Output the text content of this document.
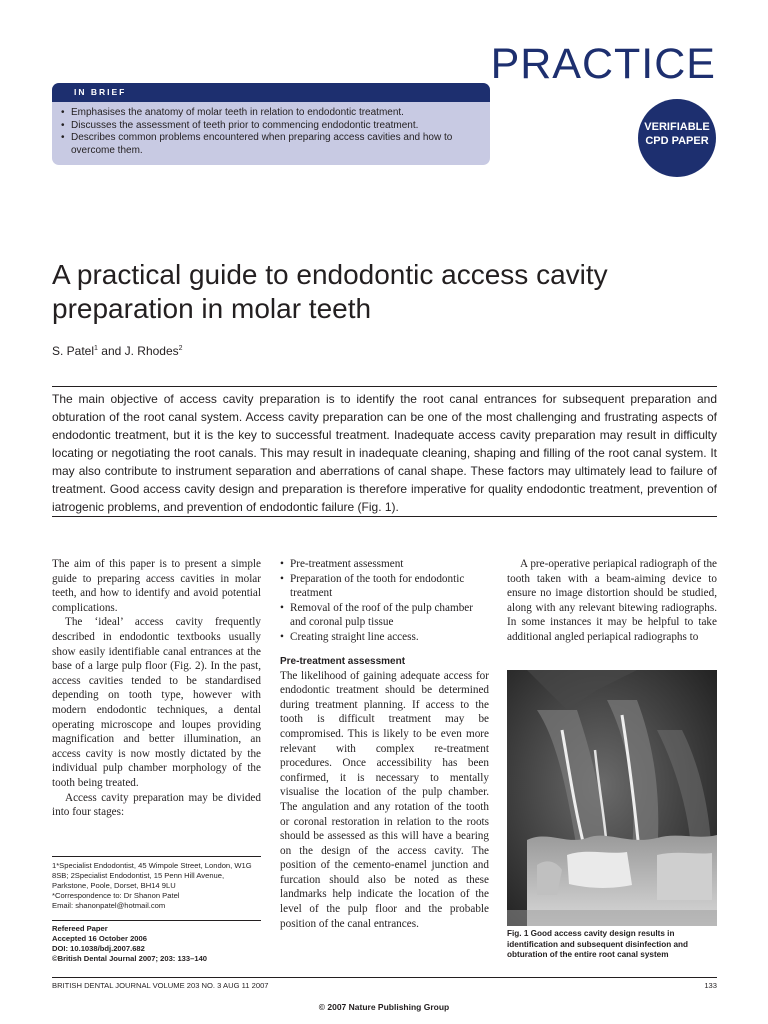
PRACTICE
IN BRIEF
• Emphasises the anatomy of molar teeth in relation to endodontic treatment.
• Discusses the assessment of teeth prior to commencing endodontic treatment.
• Describes common problems encountered when preparing access cavities and how to overcome them.
VERIFIABLE
CPD PAPER
A practical guide to endodontic access cavity preparation in molar teeth
S. Patel$^1$ and J. Rhodes$^2$
The main objective of access cavity preparation is to identify the root canal entrances for subsequent preparation and obturation of the root canal system. Access cavity preparation can be one of the most challenging and frustrating aspects of endodontic treatment, but it is the key to successful treatment. Inadequate access cavity preparation may result in difficulty locating or negotiating the root canals. This may result in inadequate cleaning, shaping and filling of the root canal system. It may also contribute to instrument separation and aberrations of canal shape. These factors may ultimately lead to failure of treatment. Good access cavity design and preparation is therefore imperative for quality endodontic treatment, prevention of iatrogenic problems, and prevention of endodontic failure (Fig. 1).

The aim of this paper is to present a simple guide to preparing access cavities in molar teeth, and how to identify and avoid potential complications.

The ‘ideal’ access cavity frequently described in endodontic textbooks usually show easily identifiable canal entrances at the base of a large pulp floor (Fig. 2). In the past, access cavities tended to be standardised depending on tooth type, however with modern endodontic techniques, a dental operating microscope and loupes providing magnification and better illumination, an access cavity is now mostly dictated by the individual pulp chamber morphology of the tooth being treated.

Access cavity preparation may be divided into four stages:

• Pre-treatment assessment
• Preparation of the tooth for endodontic treatment
• Removal of the roof of the pulp chamber and coronal pulp tissue
• Creating straight line access.

Pre-treatment assessment

The likelihood of gaining adequate access for endodontic treatment should be determined during treatment planning. If access to the tooth is difficult treatment may be compromised. This is likely to be even more relevant with complex re-treatment procedures. Once accessibility has been confirmed, it is necessary to mentally visualise the location of the pulp chamber. The angulation and any rotation of the tooth or coronal restoration in relation to the roots should be assessed as this will have a bearing on the design of the access cavity. The position of the cemento-enamel junction and furcation should also be noted as these landmarks help indicate the location of the level of the pulp floor and the probable position of the canal entrances.

A pre-operative periapical radiograph of the tooth taken with a beam-aiming device to ensure no image distortion should be studied, along with any relevant bitewing radiographs. In some instances it may be helpful to take additional angled periapical radiographs to

Fig. 1 Good access cavity design results in identification and subsequent disinfection and obturation of the entire root canal system
1*Specialist Endodontist, 45 Wimpole Street, London, W1G 8SB; 2Specialist Endodontist, 15 Penn Hill Avenue, Parkstone, Poole, Dorset, BH14 9LU
*Correspondence to: Dr Shanon Patel
Email: shanonpatel@hotmail.com
Refereed Paper
Accepted 16 October 2006
DOI: 10.1038/bdj.2007.682
©British Dental Journal 2007; 203: 133–140
BRITISH DENTAL JOURNAL VOLUME 203 NO. 3 AUG 11 2007	133
© 2007 Nature Publishing Group
